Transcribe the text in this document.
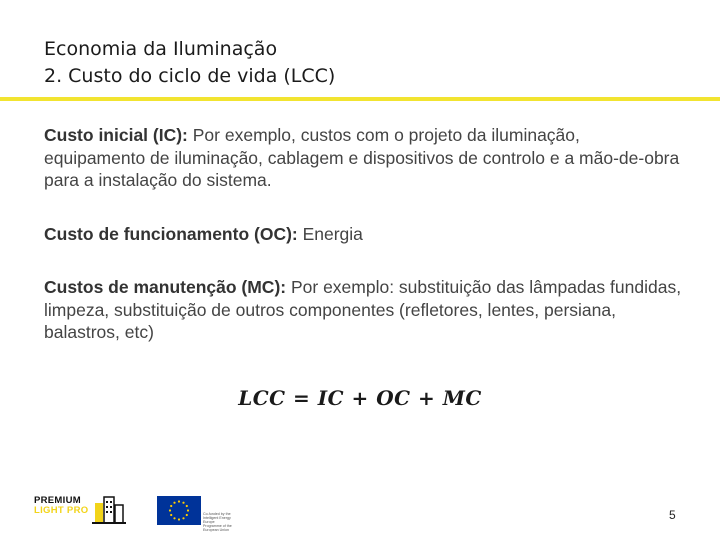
Economia da Iluminação
2. Custo do ciclo de vida (LCC)

Custo inicial (IC): Por exemplo, custos com o projeto da iluminação, equipamento de iluminação, cablagem e dispositivos de controlo e a mão-de-obra para a instalação do sistema.

Custo de funcionamento (OC): Energia

Custos de manutenção (MC): Por exemplo: substituição das lâmpadas fundidas, limpeza, substituição de outros componentes (refletores, lentes, persiana, balastros, etc)

LCC = IC + OC + MC
PREMIUM
LIGHT PRO	Co-funded by the Intelligent Energy Europe Programme of the European Union
5
